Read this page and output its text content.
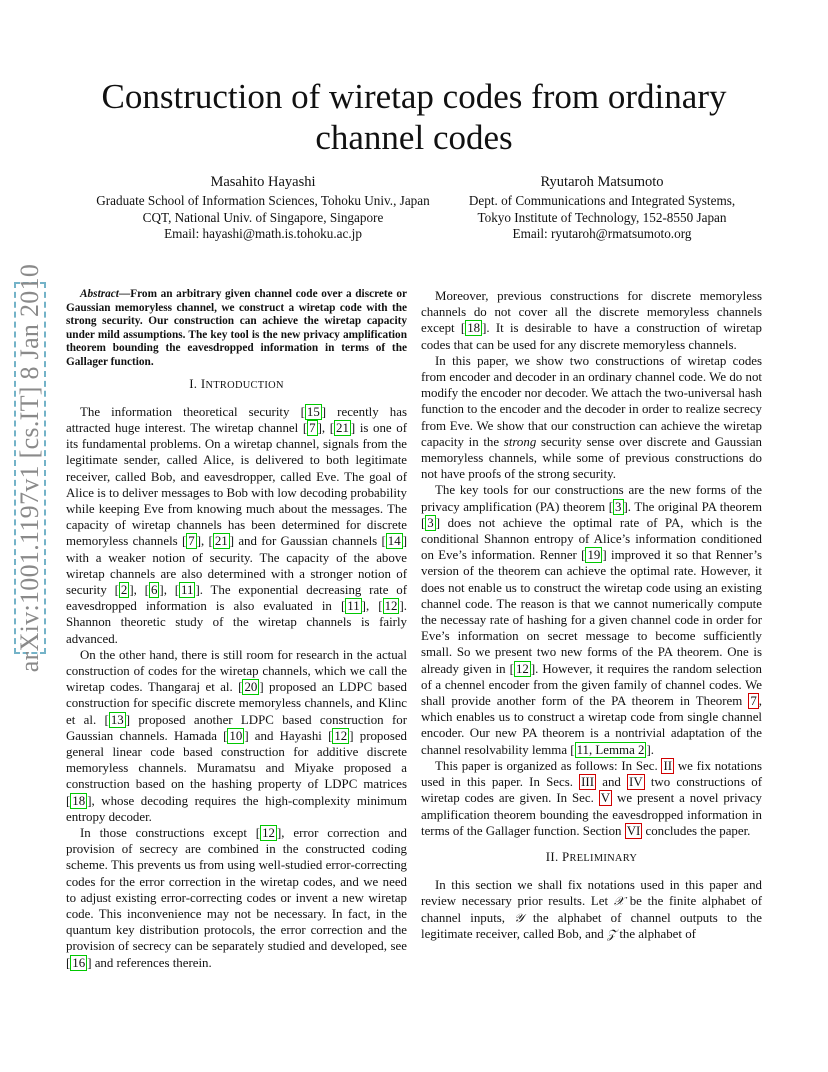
arXiv:1001.1197v1 [cs.IT] 8 Jan 2010
Construction of wiretap codes from ordinary channel codes
Masahito Hayashi
Graduate School of Information Sciences, Tohoku Univ., Japan
CQT, National Univ. of Singapore, Singapore
Email: hayashi@math.is.tohoku.ac.jp
Ryutaroh Matsumoto
Dept. of Communications and Integrated Systems,
Tokyo Institute of Technology, 152-8550 Japan
Email: ryutaroh@rmatsumoto.org

Abstract—From an arbitrary given channel code over a discrete or Gaussian memoryless channel, we construct a wiretap code with the strong security. Our construction can achieve the wiretap capacity under mild assumptions. The key tool is the new privacy amplification theorem bounding the eavesdropped information in terms of the Gallager function.

I. INTRODUCTION

The information theoretical security [ 15 ] recently has attracted huge interest. The wiretap channel [ 7 ], [ 21 ] is one of its fundamental problems. On a wiretap channel, signals from the legitimate sender, called Alice, is delivered to both legitimate receiver, called Bob, and eavesdropper, called Eve. The goal of Alice is to deliver messages to Bob with low decoding probability while keeping Eve from knowing much about the messages. The capacity of wiretap channels has been determined for discrete memoryless channels [ 7 ], [ 21 ] and for Gaussian channels [ 14 ] with a weaker notion of security. The capacity of the above wiretap channels are also determined with a stronger notion of security [ 2 ], [ 6 ], [ 11 ]. The exponential decreasing rate of eavesdropped information is also evaluated in [ 11 ], [ 12 ]. Shannon theoretic study of the wiretap channels is fairly advanced.

On the other hand, there is still room for research in the actual construction of codes for the wiretap channels, which we call the wiretap codes. Thangaraj et al. [ 20 ] proposed an LDPC based construction for specific discrete memoryless channels, and Klinc et al. [ 13 ] proposed another LDPC based construction for Gaussian channels. Hamada [ 10 ] and Hayashi [ 12 ] proposed general linear code based construction for additive discrete memoryless channels. Muramatsu and Miyake proposed a construction based on the hashing property of LDPC matrices [ 18 ], whose decoding requires the high-complexity minimum entropy decoder.

In those constructions except [ 12 ], error correction and provision of secrecy are combined in the constructed coding scheme. This prevents us from using well-studied error-correcting codes for the error correction in the wiretap codes, and we need to adjust existing error-correcting codes or invent a new wiretap code. This inconvenience may not be necessary. In fact, in the quantum key distribution protocols, the error correction and the provision of secrecy can be separately studied and developed, see [ 16 ] and references therein.

Moreover, previous constructions for discrete memoryless channels do not cover all the discrete memoryless channels except [ 18 ]. It is desirable to have a construction of wiretap codes that can be used for any discrete memoryless channels.

In this paper, we show two constructions of wiretap codes from encoder and decoder in an ordinary channel code. We do not modify the encoder nor decoder. We attach the two-universal hash function to the encoder and the decoder in order to realize secrecy from Eve. We show that our construction can achieve the wiretap capacity in the strong security sense over discrete and Gaussian memoryless channels, while some of previous constructions do not have proofs of the strong security.

The key tools for our constructions are the new forms of the privacy amplification (PA) theorem [ 3 ]. The original PA theorem [ 3 ] does not achieve the optimal rate of PA, which is the conditional Shannon entropy of Alice’s information conditioned on Eve’s information. Renner [ 19 ] improved it so that Renner’s version of the theorem can achieve the optimal rate. However, it does not enable us to construct the wiretap code using an existing channel code. The reason is that we cannot numerically compute the necessay rate of hashing for a given channel code in order for Eve’s information on secret message to become sufficiently small. So we present two new forms of the PA theorem. One is already given in [ 12 ]. However, it requires the random selection of a chennel encoder from the given family of channel codes. We shall provide another form of the PA theorem in Theorem 7 , which enables us to construct a wiretap code from single channel encoder. Our new PA theorem is a nontrivial adaptation of the channel resolvability lemma [ 11, Lemma 2 ].

This paper is organized as follows: In Sec. II we fix notations used in this paper. In Secs. III and IV two constructions of wiretap codes are given. In Sec. V we present a novel privacy amplification theorem bounding the eavesdropped information in terms of the Gallager function. Section VI concludes the paper.

II. PRELIMINARY

In this section we shall fix notations used in this paper and review necessary prior results. Let 𝒳 be the finite alphabet of channel inputs, 𝒴 the alphabet of channel outputs to the legitimate receiver, called Bob, and 𝒵 the alphabet of
